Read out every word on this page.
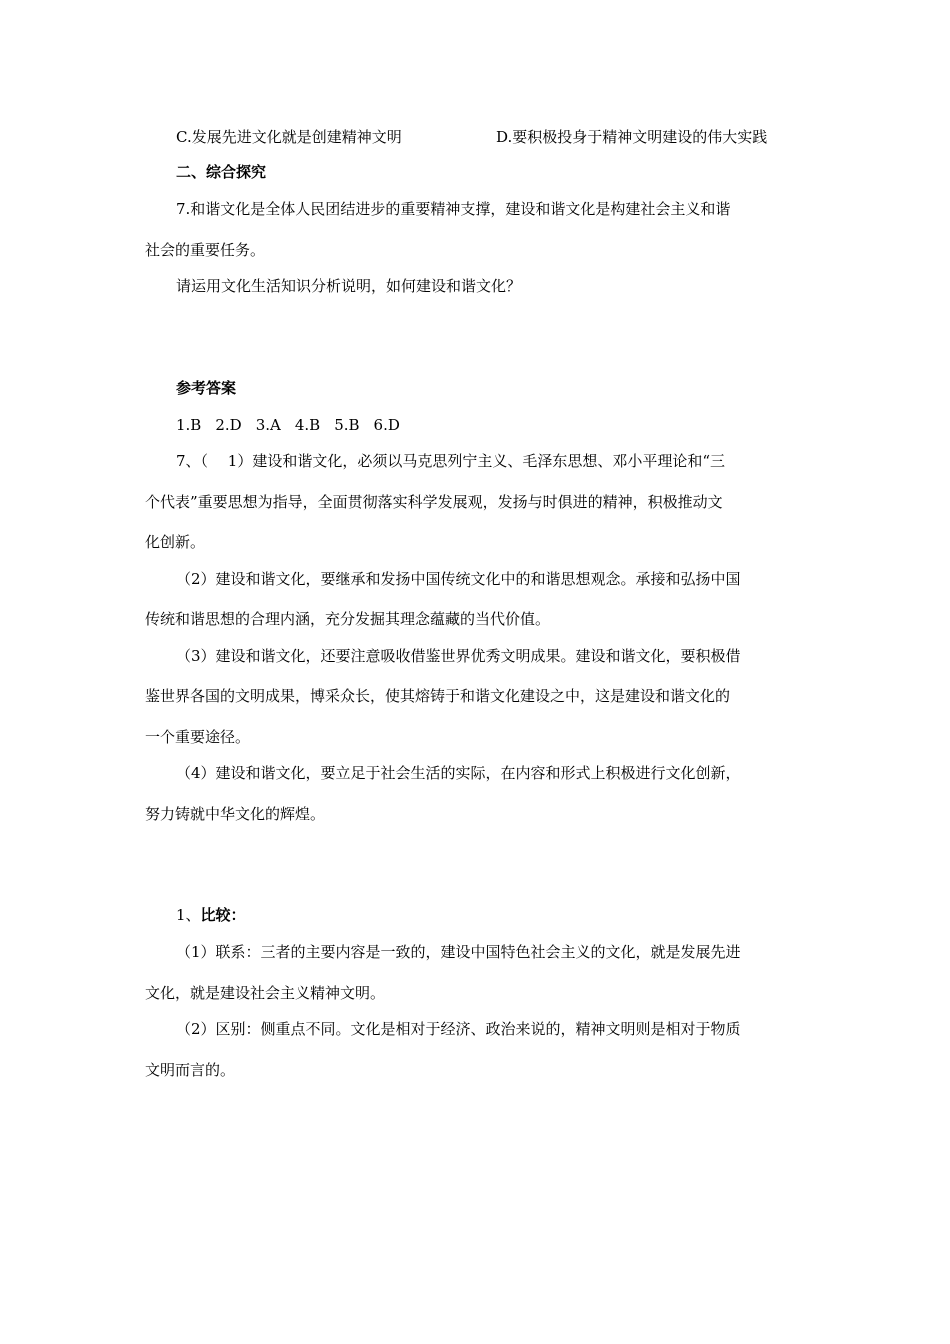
C.发展先进文化就是创建精神文明	D.要积极投身于精神文明建设的伟大实践
二、综合探究
7.和谐文化是全体人民团结进步的重要精神支撑，建设和谐文化是构建社会主义和谐
社会的重要任务。
请运用文化生活知识分析说明，如何建设和谐文化？
参考答案
1.B 2.D 3.A 4.B 5.B 6.D
7、（　 1）建设和谐文化，必须以马克思列宁主义、毛泽东思想、邓小平理论和“三
个代表”重要思想为指导，全面贯彻落实科学发展观，发扬与时俱进的精神，积极推动文
化创新。
（2）建设和谐文化，要继承和发扬中国传统文化中的和谐思想观念。承接和弘扬中国
传统和谐思想的合理内涵，充分发掘其理念蕴藏的当代价值。
（3）建设和谐文化，还要注意吸收借鉴世界优秀文明成果。建设和谐文化，要积极借
鉴世界各国的文明成果，博采众长，使其熔铸于和谐文化建设之中，这是建设和谐文化的
一个重要途径。
（4）建设和谐文化，要立足于社会生活的实际，在内容和形式上积极进行文化创新，
努力铸就中华文化的辉煌。
1、比较：
（1）联系：三者的主要内容是一致的，建设中国特色社会主义的文化，就是发展先进
文化，就是建设社会主义精神文明。
（2）区别：侧重点不同。文化是相对于经济、政治来说的，精神文明则是相对于物质
文明而言的。
